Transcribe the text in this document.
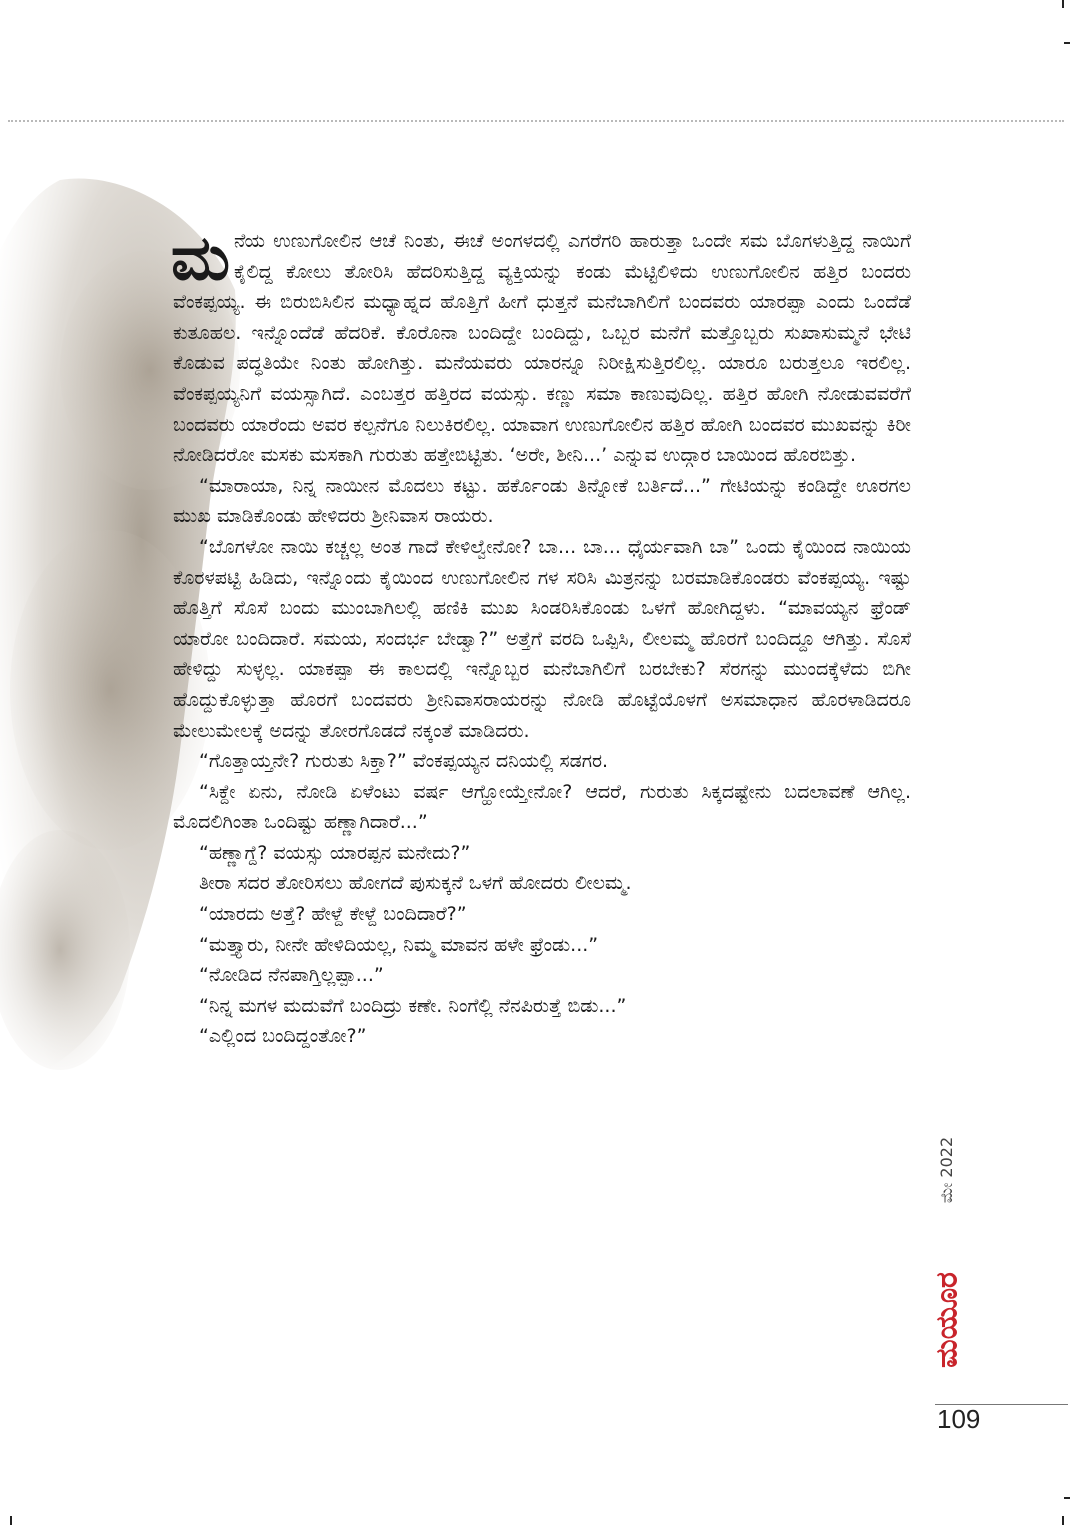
ಮನೆಯ ಉಣುಗೋಲಿನ ಆಚೆ ನಿಂತು, ಈಚೆ ಅಂಗಳದಲ್ಲಿ ಎಗರೆಗರಿ ಹಾರುತ್ತಾ ಒಂದೇ ಸಮ ಬೊಗಳುತ್ತಿದ್ದ ನಾಯಿಗೆ ಕೈಲಿದ್ದ ಕೋಲು ತೋರಿಸಿ ಹೆದರಿಸುತ್ತಿದ್ದ ವ್ಯಕ್ತಿಯನ್ನು ಕಂಡು ಮೆಟ್ಟಿಲಿಳಿದು ಉಣುಗೋಲಿನ ಹತ್ತಿರ ಬಂದರು ವೆಂಕಪ್ಪಯ್ಯ. ಈ ಬಿರುಬಿಸಿಲಿನ ಮಧ್ಯಾಹ್ನದ ಹೊತ್ತಿಗೆ ಹೀಗೆ ಧುತ್ತನೆ ಮನೆಬಾಗಿಲಿಗೆ ಬಂದವರು ಯಾರಪ್ಪಾ ಎಂದು ಒಂದೆಡೆ ಕುತೂಹಲ. ಇನ್ನೊಂದೆಡೆ ಹೆದರಿಕೆ. ಕೊರೊನಾ ಬಂದಿದ್ದೇ ಬಂದಿದ್ದು, ಒಬ್ಬರ ಮನೆಗೆ ಮತ್ತೊಬ್ಬರು ಸುಖಾಸುಮ್ಮನೆ ಭೇಟಿ ಕೊಡುವ ಪದ್ಧತಿಯೇ ನಿಂತು ಹೋಗಿತ್ತು. ಮನೆಯವರು ಯಾರನ್ನೂ ನಿರೀಕ್ಷಿಸುತ್ತಿರಲಿಲ್ಲ. ಯಾರೂ ಬರುತ್ತಲೂ ಇರಲಿಲ್ಲ. ವೆಂಕಪ್ಪಯ್ಯನಿಗೆ ವಯಸ್ಸಾಗಿದೆ. ಎಂಬತ್ತರ ಹತ್ತಿರದ ವಯಸ್ಸು. ಕಣ್ಣು ಸಮಾ ಕಾಣುವುದಿಲ್ಲ. ಹತ್ತಿರ ಹೋಗಿ ನೋಡುವವರೆಗೆ ಬಂದವರು ಯಾರೆಂದು ಅವರ ಕಲ್ಪನೆಗೂ ನಿಲುಕಿರಲಿಲ್ಲ. ಯಾವಾಗ ಉಣುಗೋಲಿನ ಹತ್ತಿರ ಹೋಗಿ ಬಂದವರ ಮುಖವನ್ನು ಕಿರೀ ನೋಡಿದರೋ ಮಸಕು ಮಸಕಾಗಿ ಗುರುತು ಹತ್ತೇಬಿಟ್ಟಿತು. ‘ಅರೇ, ಶೀನಿ...’ ಎನ್ನುವ ಉದ್ಗಾರ ಬಾಯಿಂದ ಹೊರಬಿತ್ತು.

“ಮಾರಾಯಾ, ನಿನ್ನ ನಾಯೀನ ಮೊದಲು ಕಟ್ಟು. ಹರ್ಕೊಂಡು ತಿನ್ನೋಕೆ ಬರ್ತಿದೆ...” ಗೇಟಿಯನ್ನು ಕಂಡಿದ್ದೇ ಊರಗಲ ಮುಖ ಮಾಡಿಕೊಂಡು ಹೇಳಿದರು ಶ್ರೀನಿವಾಸ ರಾಯರು.

“ಬೊಗಳೋ ನಾಯಿ ಕಚ್ಚಲ್ಲ ಅಂತ ಗಾದೆ ಕೇಳಿಲ್ವೇನೋ? ಬಾ... ಬಾ... ಧೈರ್ಯವಾಗಿ ಬಾ” ಒಂದು ಕೈಯಿಂದ ನಾಯಿಯ ಕೊರಳಪಟ್ಟಿ ಹಿಡಿದು, ಇನ್ನೊಂದು ಕೈಯಿಂದ ಉಣುಗೋಲಿನ ಗಳ ಸರಿಸಿ ಮಿತ್ರನನ್ನು ಬರಮಾಡಿಕೊಂಡರು ವೆಂಕಪ್ಪಯ್ಯ. ಇಷ್ಟು ಹೊತ್ತಿಗೆ ಸೊಸೆ ಬಂದು ಮುಂಬಾಗಿಲಲ್ಲಿ ಹಣಿಕಿ ಮುಖ ಸಿಂಡರಿಸಿಕೊಂಡು ಒಳಗೆ ಹೋಗಿದ್ದಳು. “ಮಾವಯ್ಯನ ಫ್ರೆಂಡ್ ಯಾರೋ ಬಂದಿದಾರೆ. ಸಮಯ, ಸಂದರ್ಭ ಬೇಡ್ವಾ?” ಅತ್ತೆಗೆ ವರದಿ ಒಪ್ಪಿಸಿ, ಲೀಲಮ್ಮ ಹೊರಗೆ ಬಂದಿದ್ದೂ ಆಗಿತ್ತು. ಸೊಸೆ ಹೇಳಿದ್ದು ಸುಳ್ಳಲ್ಲ. ಯಾಕಪ್ಪಾ ಈ ಕಾಲದಲ್ಲಿ ಇನ್ನೊಬ್ಬರ ಮನೆಬಾಗಿಲಿಗೆ ಬರಬೇಕು? ಸೆರಗನ್ನು ಮುಂದಕ್ಕೆಳೆದು ಬಿಗೀ ಹೊದ್ದುಕೊಳ್ಳುತ್ತಾ ಹೊರಗೆ ಬಂದವರು ಶ್ರೀನಿವಾಸರಾಯರನ್ನು ನೋಡಿ ಹೊಟ್ಟೆಯೊಳಗೆ ಅಸಮಾಧಾನ ಹೊರಳಾಡಿದರೂ ಮೇಲುಮೇಲಕ್ಕೆ ಅದನ್ನು ತೋರಗೊಡದೆ ನಕ್ಕಂತೆ ಮಾಡಿದರು.

“ಗೊತ್ತಾಯ್ತನೇ? ಗುರುತು ಸಿಕ್ತಾ?” ವೆಂಕಪ್ಪಯ್ಯನ ದನಿಯಲ್ಲಿ ಸಡಗರ.

“ಸಿಕ್ದೇ ಏನು, ನೋಡಿ ಏಳೆಂಟು ವರ್ಷ ಆಗ್ಹೋಯ್ತೇನೋ? ಆದರೆ, ಗುರುತು ಸಿಕ್ಕದಷ್ಟೇನು ಬದಲಾವಣೆ ಆಗಿಲ್ಲ. ಮೊದಲಿಗಿಂತಾ ಒಂದಿಷ್ಟು ಹಣ್ಣಾಗಿದಾರೆ...”

“ಹಣ್ಣಾಗ್ದೆ? ವಯಸ್ಸು ಯಾರಪ್ಪನ ಮನೇದು?”

ತೀರಾ ಸದರ ತೋರಿಸಲು ಹೋಗದೆ ಪುಸುಕ್ಕನೆ ಒಳಗೆ ಹೋದರು ಲೀಲಮ್ಮ.

“ಯಾರದು ಅತ್ತೆ? ಹೇಳ್ದೆ ಕೇಳ್ದೆ ಬಂದಿದಾರೆ?”

“ಮತ್ತ್ಯಾರು, ನೀನೇ ಹೇಳಿದಿಯಲ್ಲ, ನಿಮ್ಮ ಮಾವನ ಹಳೇ ಫ್ರೆಂಡು...”

“ನೋಡಿದ ನೆನಪಾಗ್ತಿಲ್ಲಪ್ಪಾ...”

“ನಿನ್ನ ಮಗಳ ಮದುವೆಗೆ ಬಂದಿದ್ರು ಕಣೇ. ನಿಂಗೆಲ್ಲಿ ನೆನಪಿರುತ್ತೆ ಬಿಡು...”

“ಎಲ್ಲಿಂದ ಬಂದಿದ್ದಂತೋ?”

ಮೇ 2022
ಮಯೂರ
109
